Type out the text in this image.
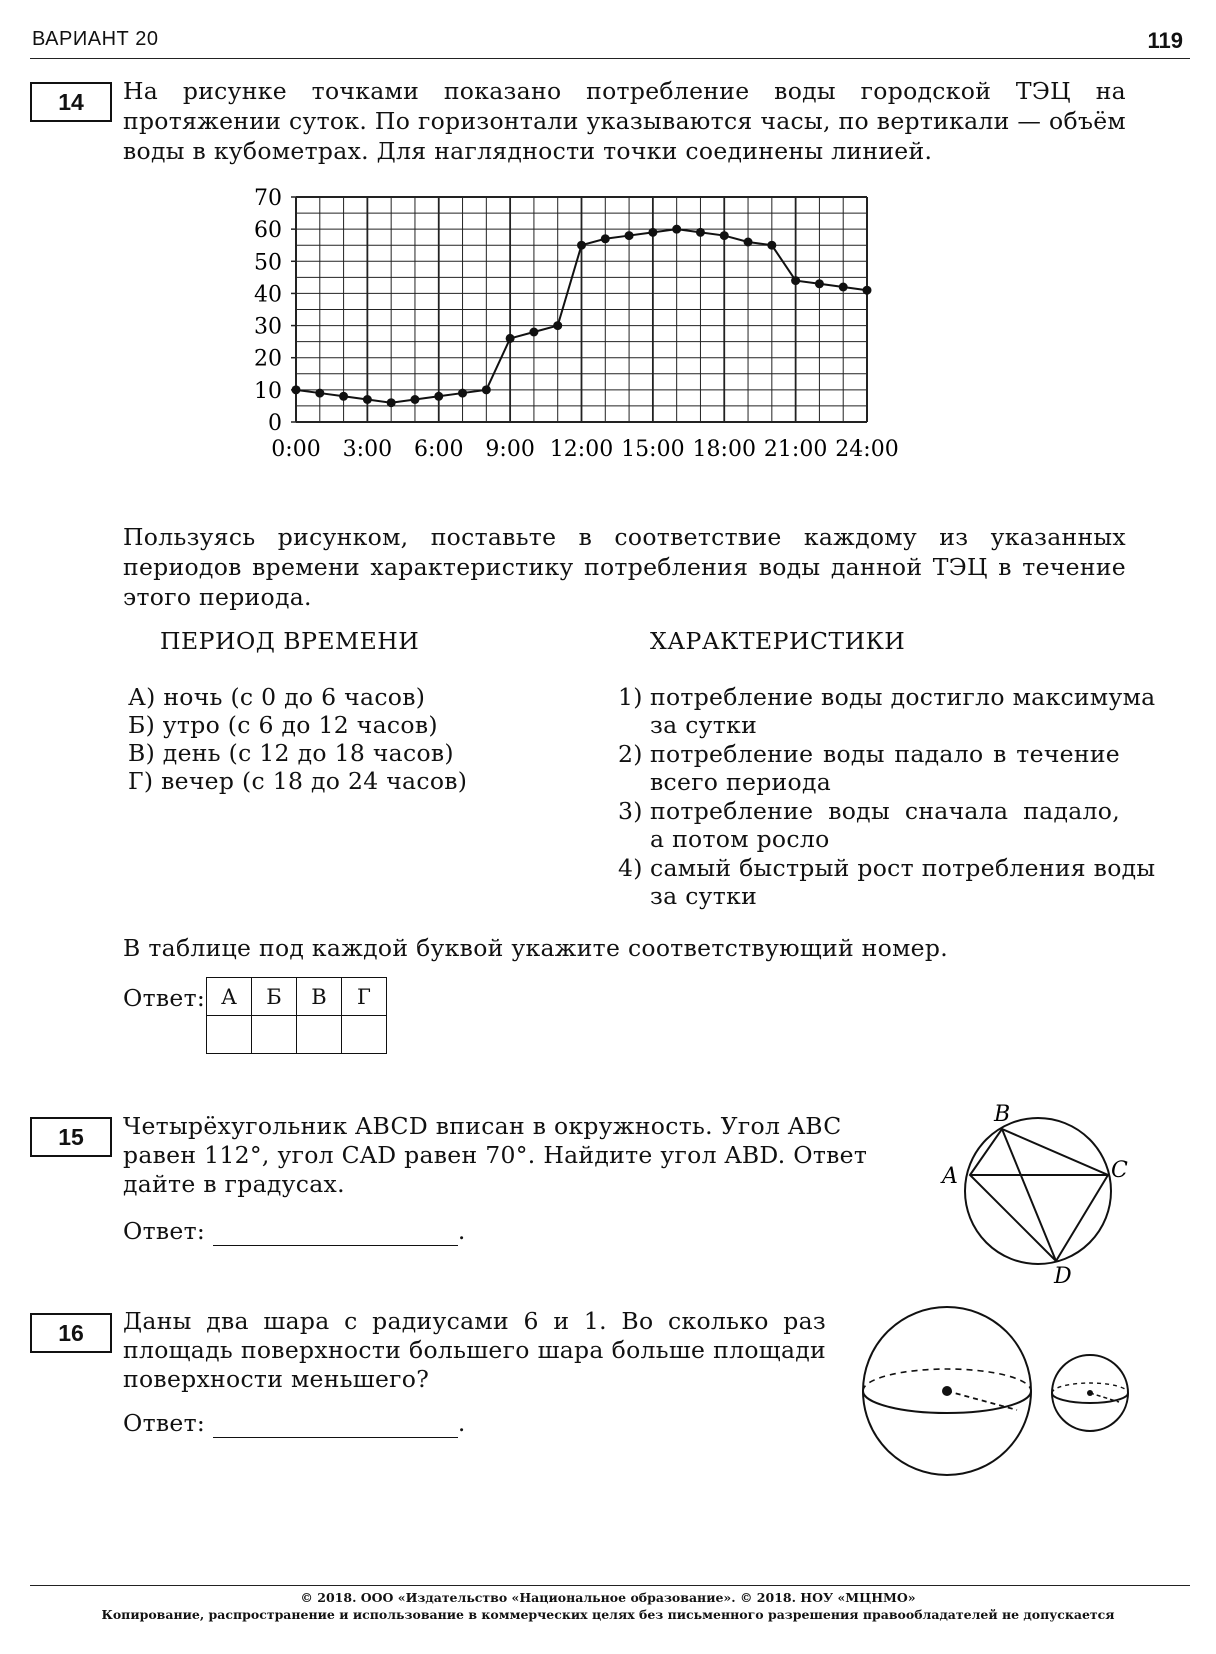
ВАРИАНТ 20	119
14	На рисунке точками показано потребление воды городской ТЭЦ на протяжении суток. По горизонтали указываются часы, по вертикали — объём воды в кубометрах. Для наглядности точки соединены линией.
0
10
20
30
40
50
60
70
0:00 3:00 6:00 9:00 12:00 15:00 18:00 21:00 24:00
Пользуясь рисунком, поставьте в соответствие каждому из указанных периодов времени характеристику потребления воды данной ТЭЦ в течение этого периода.
ПЕРИОД ВРЕМЕНИ	ХАРАКТЕРИСТИКИ
А) ночь (с 0 до 6 часов)
Б) утро (с 6 до 12 часов)
В) день (с 12 до 18 часов)
Г) вечер (с 18 до 24 часов)
1) потребление воды достигло максимума
за сутки
2) потребление воды падало в течение
всего периода
3) потребление воды сначала падало,
а потом росло
4) самый быстрый рост потребления воды
за сутки
В таблице под каждой буквой укажите соответствующий номер.
Ответ: А	Б	В	Г

15	Четырёхугольник ABCD вписан в окружность. Угол ABC
равен 112°, угол CAD равен 70°. Найдите угол ABD. Ответ
дайте в градусах.
Ответ:	.
A
B
C
D
16	Даны два шара с радиусами 6 и 1. Во сколько раз
площадь поверхности большего шара больше площади
поверхности меньшего?
Ответ:	.
© 2018. ООО «Издательство «Национальное образование». © 2018. НОУ «МЦНМО»
Копирование, распространение и использование в коммерческих целях без письменного разрешения правообладателей не допускается
